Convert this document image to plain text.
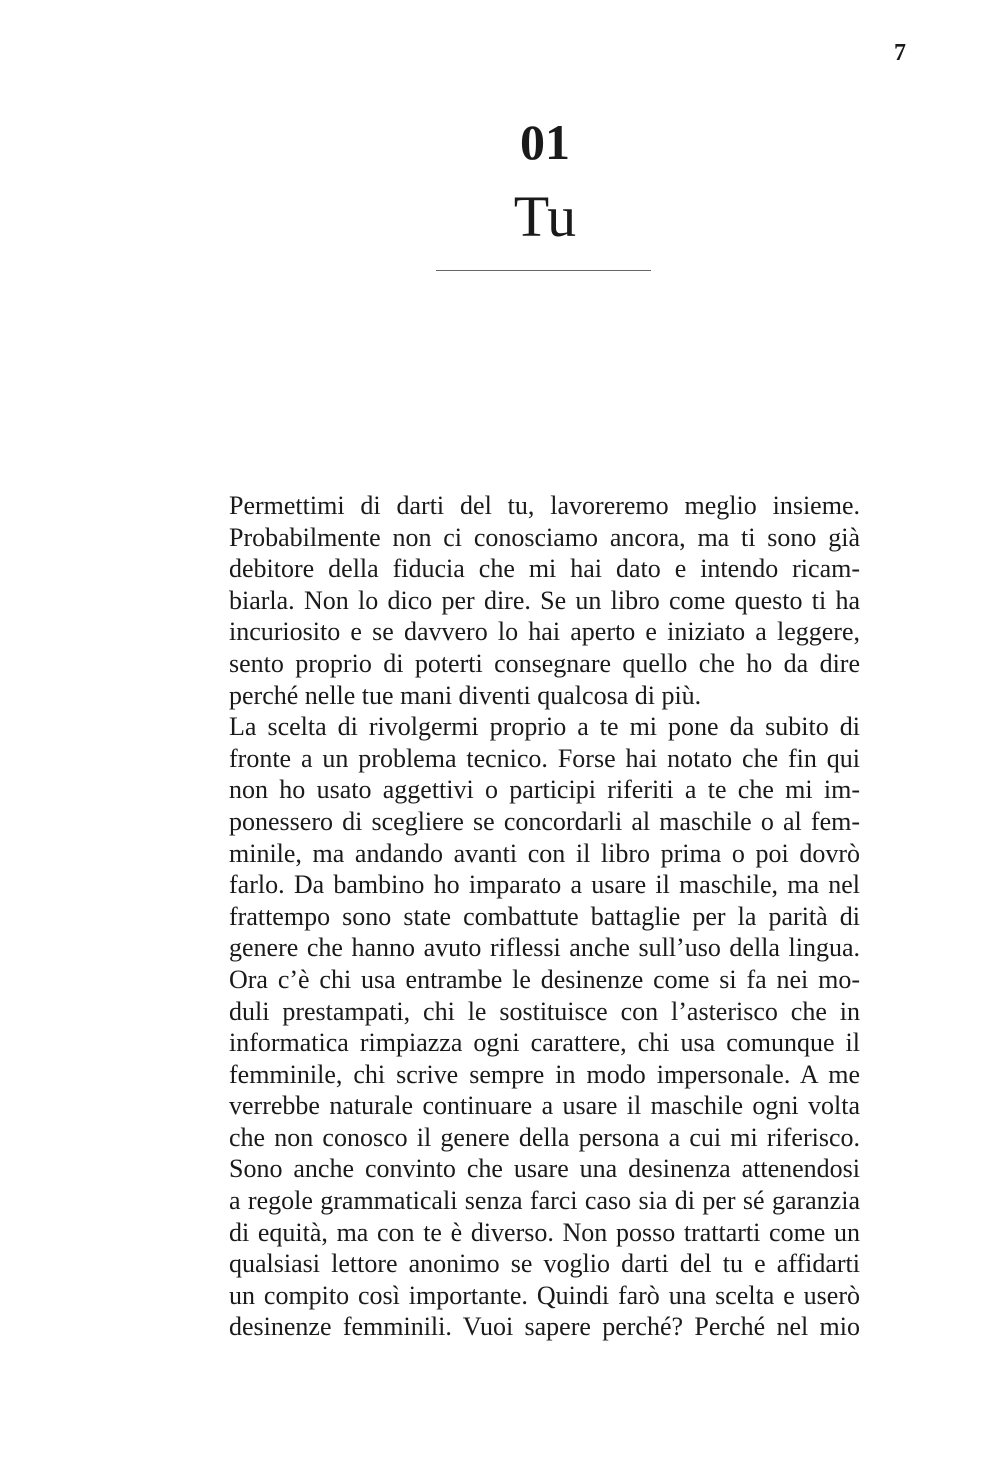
7
01
Tu
Permettimi di darti del tu, lavoreremo meglio insieme.
Probabilmente non ci conosciamo ancora, ma ti sono già
debitore della fiducia che mi hai dato e intendo ricam-
biarla. Non lo dico per dire. Se un libro come questo ti ha
incuriosito e se davvero lo hai aperto e iniziato a leggere,
sento proprio di poterti consegnare quello che ho da dire
perché nelle tue mani diventi qualcosa di più.
La scelta di rivolgermi proprio a te mi pone da subito di
fronte a un problema tecnico. Forse hai notato che fin qui
non ho usato aggettivi o participi riferiti a te che mi im-
ponessero di scegliere se concordarli al maschile o al fem-
minile, ma andando avanti con il libro prima o poi dovrò
farlo. Da bambino ho imparato a usare il maschile, ma nel
frattempo sono state combattute battaglie per la parità di
genere che hanno avuto riflessi anche sull’uso della lingua.
Ora c’è chi usa entrambe le desinenze come si fa nei mo-
duli prestampati, chi le sostituisce con l’asterisco che in
informatica rimpiazza ogni carattere, chi usa comunque il
femminile, chi scrive sempre in modo impersonale. A me
verrebbe naturale continuare a usare il maschile ogni volta
che non conosco il genere della persona a cui mi riferisco.
Sono anche convinto che usare una desinenza attenendosi
a regole grammaticali senza farci caso sia di per sé garanzia
di equità, ma con te è diverso. Non posso trattarti come un
qualsiasi lettore anonimo se voglio darti del tu e affidarti
un compito così importante. Quindi farò una scelta e userò
desinenze femminili. Vuoi sapere perché? Perché nel mio
